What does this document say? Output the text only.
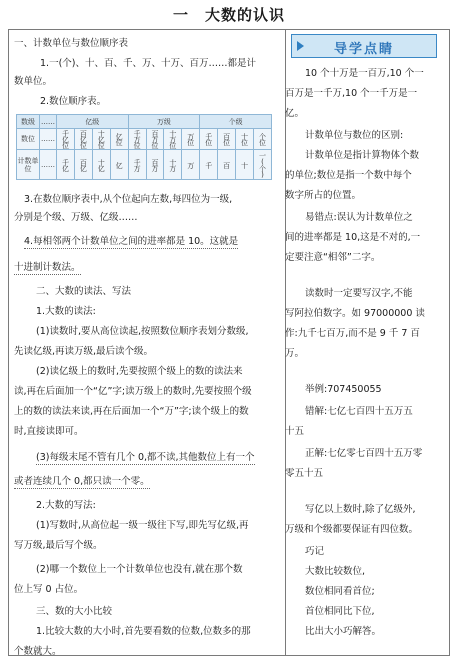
一　大数的认识
一、计数单位与数位顺序表
1.一(个)、十、百、千、万、十万、百万……都是计
数单位。
2.数位顺序表。
数级	……	亿级				万级				个级			
数位	……	千亿位	百亿位	十亿位	亿位	千万位	百万位	十万位	万位	千位	百位	十位	个位
计数单位	……	千亿	百亿	十亿	亿	千万	百万	十万	万	千	百	十	一(个)
3.在数位顺序表中,从个位起向左数,每四位为一级,
分别是个级、万级、亿级……
4.每相邻两个计数单位之间的进率都是 10。这就是
十进制计数法。
二、大数的读法、写法
1.大数的读法:
(1)读数时,要从高位读起,按照数位顺序表划分数级,
先读亿级,再读万级,最后读个级。
(2)读亿级上的数时,先要按照个级上的数的读法来
读,再在后面加一个“亿”字;读万级上的数时,先要按照个级
上的数的读法来读,再在后面加一个“万”字;读个级上的数
时,直接读即可。
(3)每级末尾不管有几个 0,都不读,其他数位上有一个
或者连续几个 0,都只读一个零。
2.大数的写法:
(1)写数时,从高位起一级一级往下写,即先写亿级,再
写万级,最后写个级。
(2)哪一个数位上一个计数单位也没有,就在那个数
位上写 0 占位。
三、数的大小比较
1.比较大数的大小时,首先要看数的位数,位数多的那
个数就大。
导学点睛
10 个十万是一百万,10 个一
百万是一千万,10 个一千万是一
亿。
计数单位与数位的区别:
计数单位是指计算物体个数
的单位;数位是指一个数中每个
数字所占的位置。
易错点:误认为计数单位之
间的进率都是 10,这是不对的,一
定要注意“相邻”二字。
读数时一定要写汉字,不能
写阿拉伯数字。如 97000000 读
作:九千七百万,而不是 9 千 7 百
万。
举例:707450055
错解:七亿七百四十五万五
十五
正解:七亿零七百四十五万零
零五十五
写亿以上数时,除了亿级外,
万级和个级都要保证有四位数。
巧记
大数比较数位,
数位相同看首位;
首位相同比下位,
比出大小巧解答。
